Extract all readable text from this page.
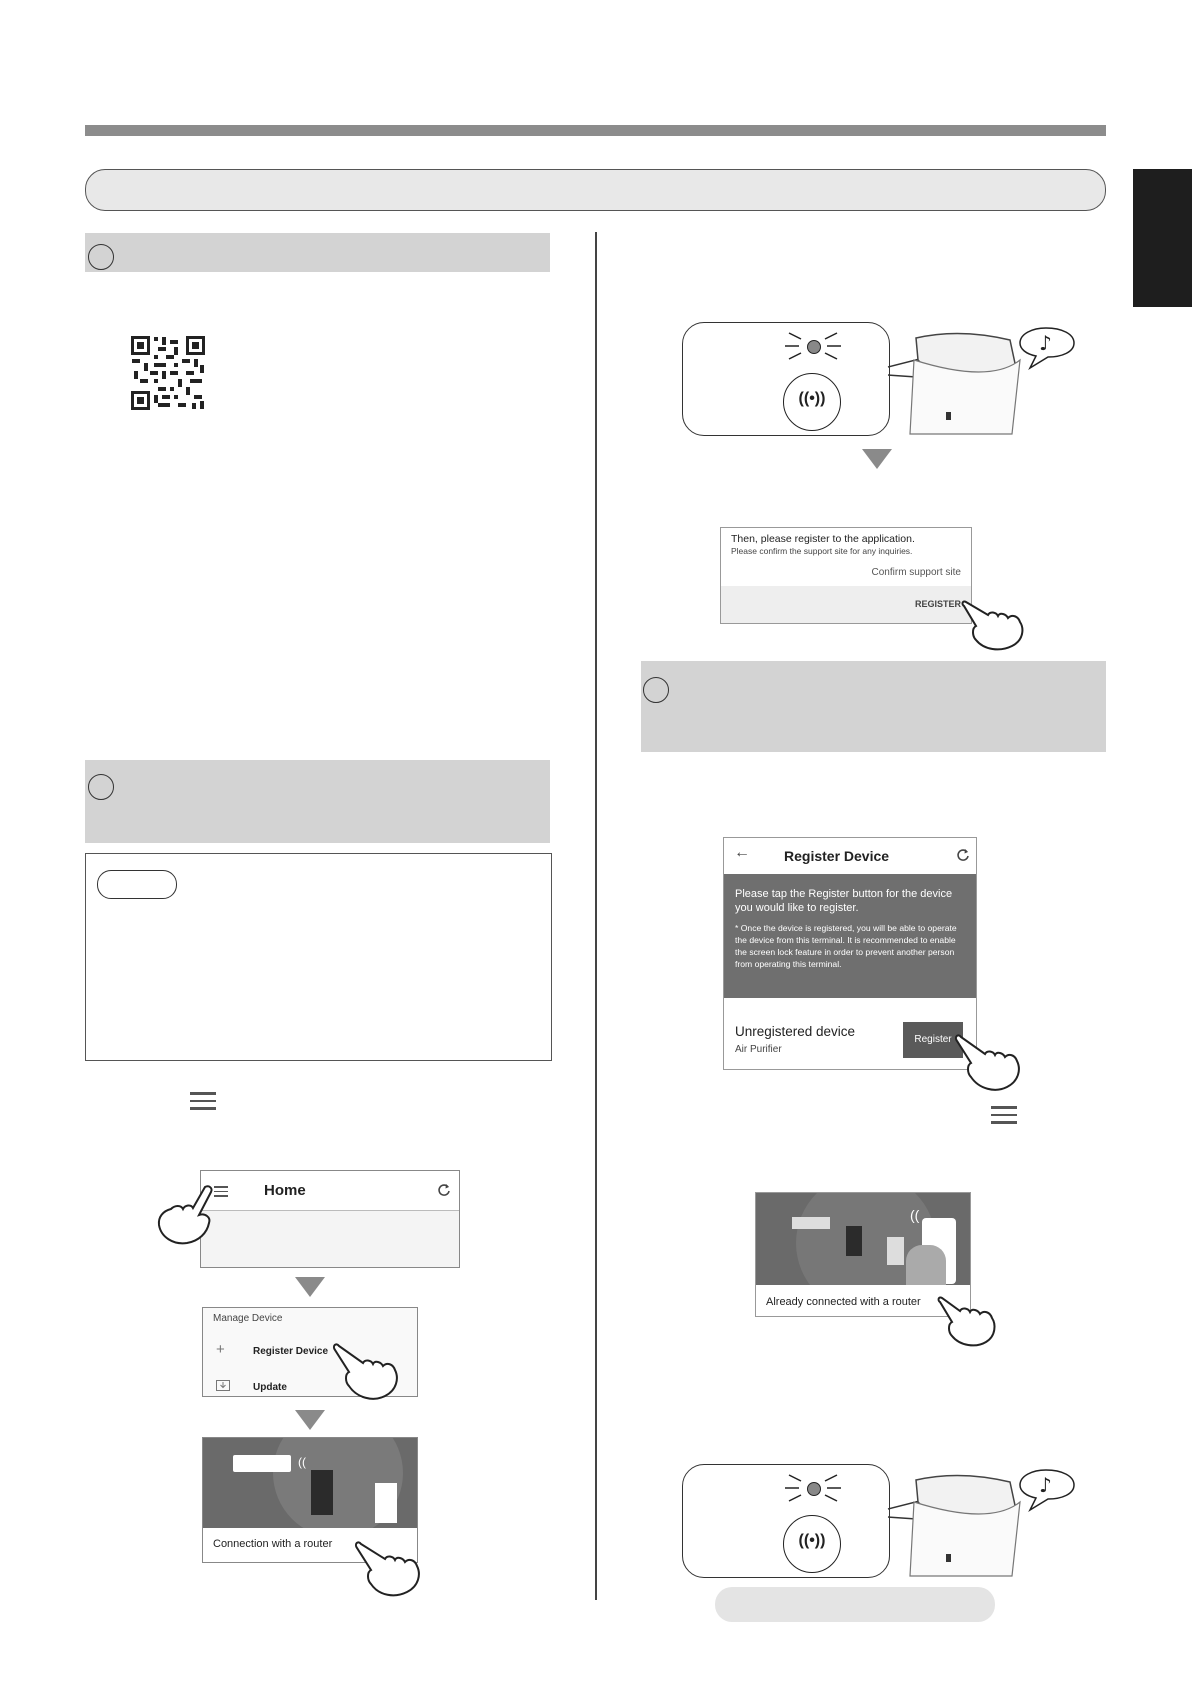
Home
Manage Device
+	Register Device
Update
((
Connection with a router
((•))
♪
Then, please register to the application.
Please confirm the support site for any inquiries.
Confirm support site
REGISTER
← Register Device
Please tap the Register button for the device you would like to register.
* Once the device is registered, you will be able to operate the device from this terminal. It is recommended to enable the screen lock feature in order to prevent another person from operating this terminal.
Unregistered device
Air Purifier
Register
((
Already connected with a router
((•))
♪
